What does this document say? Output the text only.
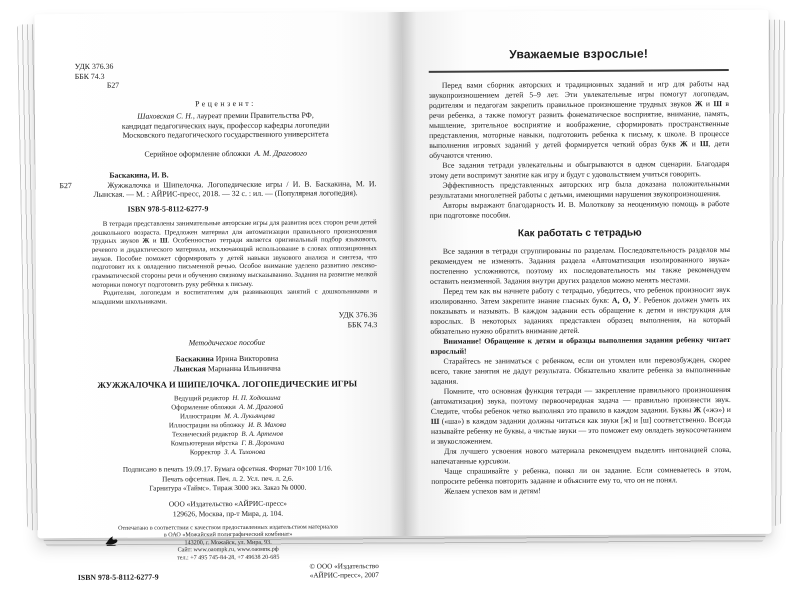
УДК 376.36
ББК 74.3
Б27
Рецензент:
Шаховская С. Н., лауреат премии Правительства РФ,
кандидат педагогических наук, профессор кафедры логопедии
Московского педагогического государственного университета
Серийное оформление обложки А. М. Драгового
Баскакина, И. В.
Б27	Жужжалочка и Шипелочка. Логопедические игры / И. В. Баскакина, М. И. Лынская. — М. : АЙРИС-пресс, 2018. — 32 с. : ил. — (Популярная логопедия).
ISBN 978-5-8112-6277-9

В тетради представлены занимательные авторские игры для развития всех сторон речи детей дошкольного возраста. Предложен материал для автоматизации правильного произношения трудных звуков Ж и Ш. Особенностью тетради является оригинальный подбор языкового, речевого и дидактического материала, исключающий использование в словах оппозиционных звуков. Пособие поможет сформировать у детей навыки звукового анализа и синтеза, что подготовит их к овладению письменной речью. Особое внимание уделено развитию лексико-грамматической стороны речи и обучению связному высказыванию. Задания на развитие мелкой моторики помогут подготовить руку ребёнка к письму.

Родителям, логопедам и воспитателям для развивающих занятий с дошкольниками и младшими школьниками.

УДК 376.36
ББК 74.3
Методическое пособие
Баскакина Ирина Викторовна
Лынская Марианна Ильинична
ЖУЖЖАЛОЧКА И ШИПЕЛОЧКА. ЛОГОПЕДИЧЕСКИЕ ИГРЫ
Ведущий редактор Н. П. Ходюшина
Оформление обложки А. М. Драговой
Иллюстрации М. А. Лукьянцева
Иллюстрации на обложку И. В. Махова
Технический редактор В. А. Артемов
Компьютерная вёрстка Г. В. Доронина
Корректор З. А. Тихонова
Подписано в печать 19.09.17. Бумага офсетная. Формат 70×100 1/16.
Печать офсетная. Печ. л. 2. Усл. печ. л. 2,6.
Гарнитура «Таймс». Тираж 3000 экз. Заказ № 0000.
ООО «Издательство «АЙРИС-пресс»
129626, Москва, пр-т Мира, д. 104.
Отпечатано в соответствии с качеством предоставленных издательством материалов
в ОАО «Можайский полиграфический комбинат»
143200, г. Можайск, ул. Мира, 93.
Сайт: www.oaompk.ru, www.оаомпк.рф
тел.: +7 495 745-84-28, +7 49638 20-685
ISBN 978-5-8112-6277-9
© ООО «Издательство
«АЙРИС-пресс», 2007
Уважаемые взрослые!

Перед вами сборник авторских и традиционных заданий и игр для работы над звукопроизношением детей 5–9 лет. Эти увлекательные игры помогут логопедам, родителям и педагогам закрепить правильное произношение трудных звуков Ж и Ш в речи ребенка, а также помогут развить фонематическое восприятие, внимание, память, мышление, зрительное восприятие и воображение, сформировать пространственные представления, моторные навыки, подготовить ребенка к письму, к школе. В процессе выполнения игровых заданий у детей формируется четкий образ букв Ж и Ш, дети обучаются чтению.

Все задания тетради увлекательны и обыгрываются в одном сценарии. Благодаря этому дети воспримут занятие как игру и будут с удовольствием учиться говорить.

Эффективность представленных авторских игр была доказана положительными результатами многолетней работы с детьми, имеющими нарушения звукопроизношения.

Авторы выражают благодарность И. В. Молоткову за неоценимую помощь в работе при подготовке пособия.

Как работать с тетрадью

Все задания в тетради сгруппированы по разделам. Последовательность разделов мы рекомендуем не изменять. Задания раздела «Автоматизация изолированного звука» постепенно усложняются, поэтому их последовательность мы также рекомендуем оставить неизменной. Задания внутри других разделов можно менять местами.

Перед тем как вы начнете работу с тетрадью, убедитесь, что ребенок произносит звук изолированно. Затем закрепите знание гласных букв: А, О, У. Ребенок должен уметь их показывать и называть. В каждом задании есть обращение к детям и инструкция для взрослых. В некоторых заданиях представлен образец выполнения, на который обязательно нужно обратить внимание детей.

Внимание! Обращение к детям и образцы выполнения задания ребенку читает взрослый!

Старайтесь не заниматься с ребенком, если он утомлен или перевозбужден, скорее всего, такие занятия не дадут результата. Обязательно хвалите ребенка за выполненные задания.

Помните, что основная функция тетради — закрепление правильного произношения (автоматизация) звука, поэтому первоочередная задача — правильно произнести звук. Следите, чтобы ребенок четко выполнял это правило в каждом задании. Буквы Ж («жэ») и Ш («ша») в каждом задании должны читаться как звуки [ж] и [ш] соответственно. Всегда называйте ребенку не буквы, а чистые звуки — это поможет ему овладеть звукосочетанием и звукосложением.

Для лучшего усвоения нового материала рекомендуем выделять интонацией слова, напечатанные курсивом.

Чаще спрашивайте у ребенка, понял ли он задание. Если сомневаетесь в этом, попросите ребенка повторить задание и объясните ему то, что он не понял.

Желаем успехов вам и детям!
